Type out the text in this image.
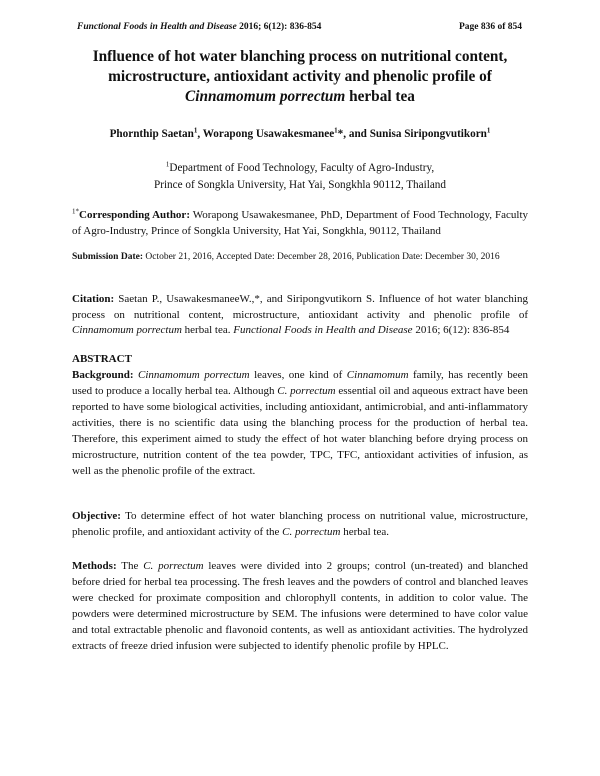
Functional Foods in Health and Disease 2016; 6(12): 836-854	Page 836 of 854
Influence of hot water blanching process on nutritional content,
microstructure, antioxidant activity and phenolic profile of
Cinnamomum porrectum herbal tea
Phornthip Saetan$^1$, Worapong Usawakesmanee$^1$*, and Sunisa Siripongvutikorn$^1$
$^1$Department of Food Technology, Faculty of Agro-Industry,
Prince of Songkla University, Hat Yai, Songkhla 90112, Thailand
$^{1*}$Corresponding Author: Worapong Usawakesmanee, PhD, Department of Food Technology, Faculty of Agro-Industry, Prince of Songkla University, Hat Yai, Songkhla, 90112, Thailand
Submission Date: October 21, 2016, Accepted Date: December 28, 2016, Publication Date: December 30, 2016
Citation: Saetan P., UsawakesmaneeW.,*, and Siripongvutikorn S. Influence of hot water blanching process on nutritional content, microstructure, antioxidant activity and phenolic profile of Cinnamomum porrectum herbal tea. Functional Foods in Health and Disease 2016; 6(12): 836-854
ABSTRACT
Background: Cinnamomum porrectum leaves, one kind of Cinnamomum family, has recently been used to produce a locally herbal tea. Although C. porrectum essential oil and aqueous extract have been reported to have some biological activities, including antioxidant, antimicrobial, and anti-inflammatory activities, there is no scientific data using the blanching process for the production of herbal tea. Therefore, this experiment aimed to study the effect of hot water blanching before drying process on microstructure, nutrition content of the tea powder, TPC, TFC, antioxidant activities of infusion, as well as the phenolic profile of the extract.
Objective: To determine effect of hot water blanching process on nutritional value, microstructure, phenolic profile, and antioxidant activity of the C. porrectum herbal tea.
Methods: The C. porrectum leaves were divided into 2 groups; control (un-treated) and blanched before dried for herbal tea processing. The fresh leaves and the powders of control and blanched leaves were checked for proximate composition and chlorophyll contents, in addition to color value. The powders were determined microstructure by SEM. The infusions were determined to have color value and total extractable phenolic and flavonoid contents, as well as antioxidant activities. The hydrolyzed extracts of freeze dried infusion were subjected to identify phenolic profile by HPLC.
